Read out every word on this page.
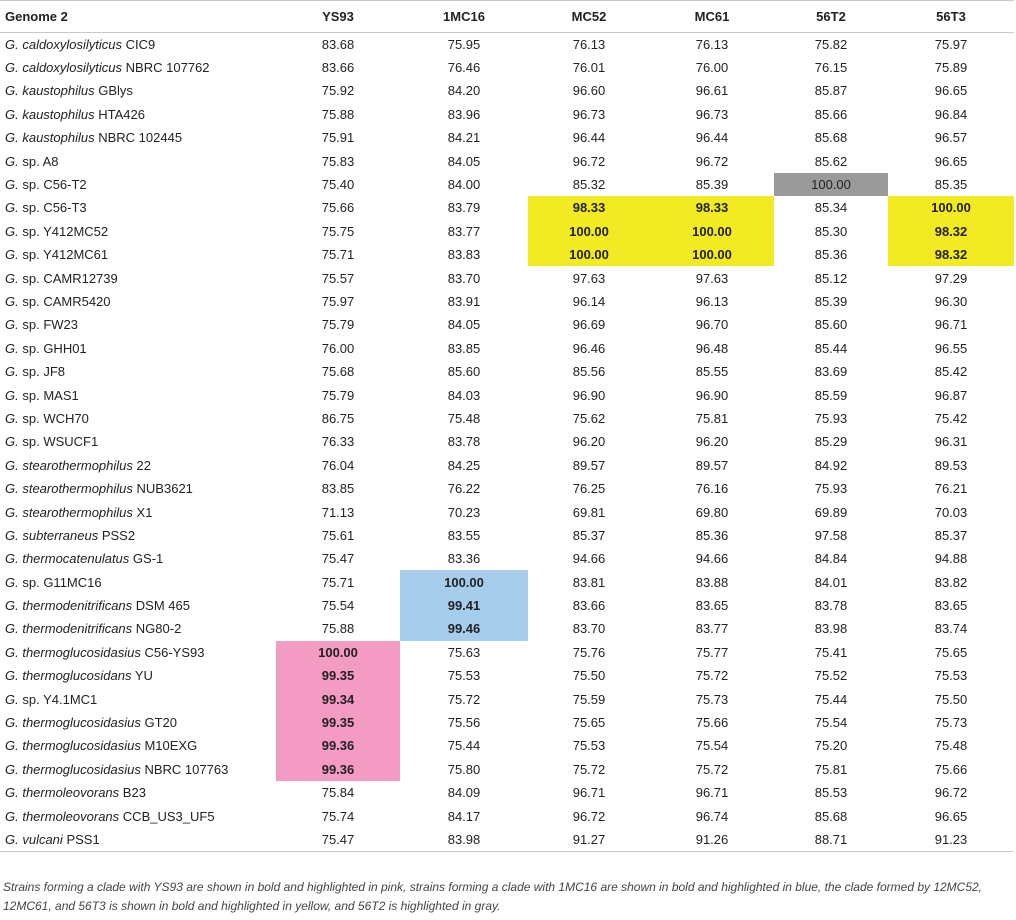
Genome 2	YS93	1MC16	MC52	MC61	56T2	56T3
G. caldoxylosilyticus CIC9	83.68	75.95	76.13	76.13	75.82	75.97
G. caldoxylosilyticus NBRC 107762	83.66	76.46	76.01	76.00	76.15	75.89
G. kaustophilus GBlys	75.92	84.20	96.60	96.61	85.87	96.65
G. kaustophilus HTA426	75.88	83.96	96.73	96.73	85.66	96.84
G. kaustophilus NBRC 102445	75.91	84.21	96.44	96.44	85.68	96.57
G. sp. A8	75.83	84.05	96.72	96.72	85.62	96.65
G. sp. C56-T2	75.40	84.00	85.32	85.39	100.00	85.35
G. sp. C56-T3	75.66	83.79	98.33	98.33	85.34	100.00
G. sp. Y412MC52	75.75	83.77	100.00	100.00	85.30	98.32
G. sp. Y412MC61	75.71	83.83	100.00	100.00	85.36	98.32
G. sp. CAMR12739	75.57	83.70	97.63	97.63	85.12	97.29
G. sp. CAMR5420	75.97	83.91	96.14	96.13	85.39	96.30
G. sp. FW23	75.79	84.05	96.69	96.70	85.60	96.71
G. sp. GHH01	76.00	83.85	96.46	96.48	85.44	96.55
G. sp. JF8	75.68	85.60	85.56	85.55	83.69	85.42
G. sp. MAS1	75.79	84.03	96.90	96.90	85.59	96.87
G. sp. WCH70	86.75	75.48	75.62	75.81	75.93	75.42
G. sp. WSUCF1	76.33	83.78	96.20	96.20	85.29	96.31
G. stearothermophilus 22	76.04	84.25	89.57	89.57	84.92	89.53
G. stearothermophilus NUB3621	83.85	76.22	76.25	76.16	75.93	76.21
G. stearothermophilus X1	71.13	70.23	69.81	69.80	69.89	70.03
G. subterraneus PSS2	75.61	83.55	85.37	85.36	97.58	85.37
G. thermocatenulatus GS-1	75.47	83.36	94.66	94.66	84.84	94.88
G. sp. G11MC16	75.71	100.00	83.81	83.88	84.01	83.82
G. thermodenitrificans DSM 465	75.54	99.41	83.66	83.65	83.78	83.65
G. thermodenitrificans NG80-2	75.88	99.46	83.70	83.77	83.98	83.74
G. thermoglucosidasius C56-YS93	100.00	75.63	75.76	75.77	75.41	75.65
G. thermoglucosidans YU	99.35	75.53	75.50	75.72	75.52	75.53
G. sp. Y4.1MC1	99.34	75.72	75.59	75.73	75.44	75.50
G. thermoglucosidasius GT20	99.35	75.56	75.65	75.66	75.54	75.73
G. thermoglucosidasius M10EXG	99.36	75.44	75.53	75.54	75.20	75.48
G. thermoglucosidasius NBRC 107763	99.36	75.80	75.72	75.72	75.81	75.66
G. thermoleovorans B23	75.84	84.09	96.71	96.71	85.53	96.72
G. thermoleovorans CCB_US3_UF5	75.74	84.17	96.72	96.74	85.68	96.65
G. vulcani PSS1	75.47	83.98	91.27	91.26	88.71	91.23
Strains forming a clade with YS93 are shown in bold and highlighted in pink, strains forming a clade with 1MC16 are shown in bold and highlighted in blue, the clade formed by 12MC52, 12MC61, and 56T3 is shown in bold and highlighted in yellow, and 56T2 is highlighted in gray.
